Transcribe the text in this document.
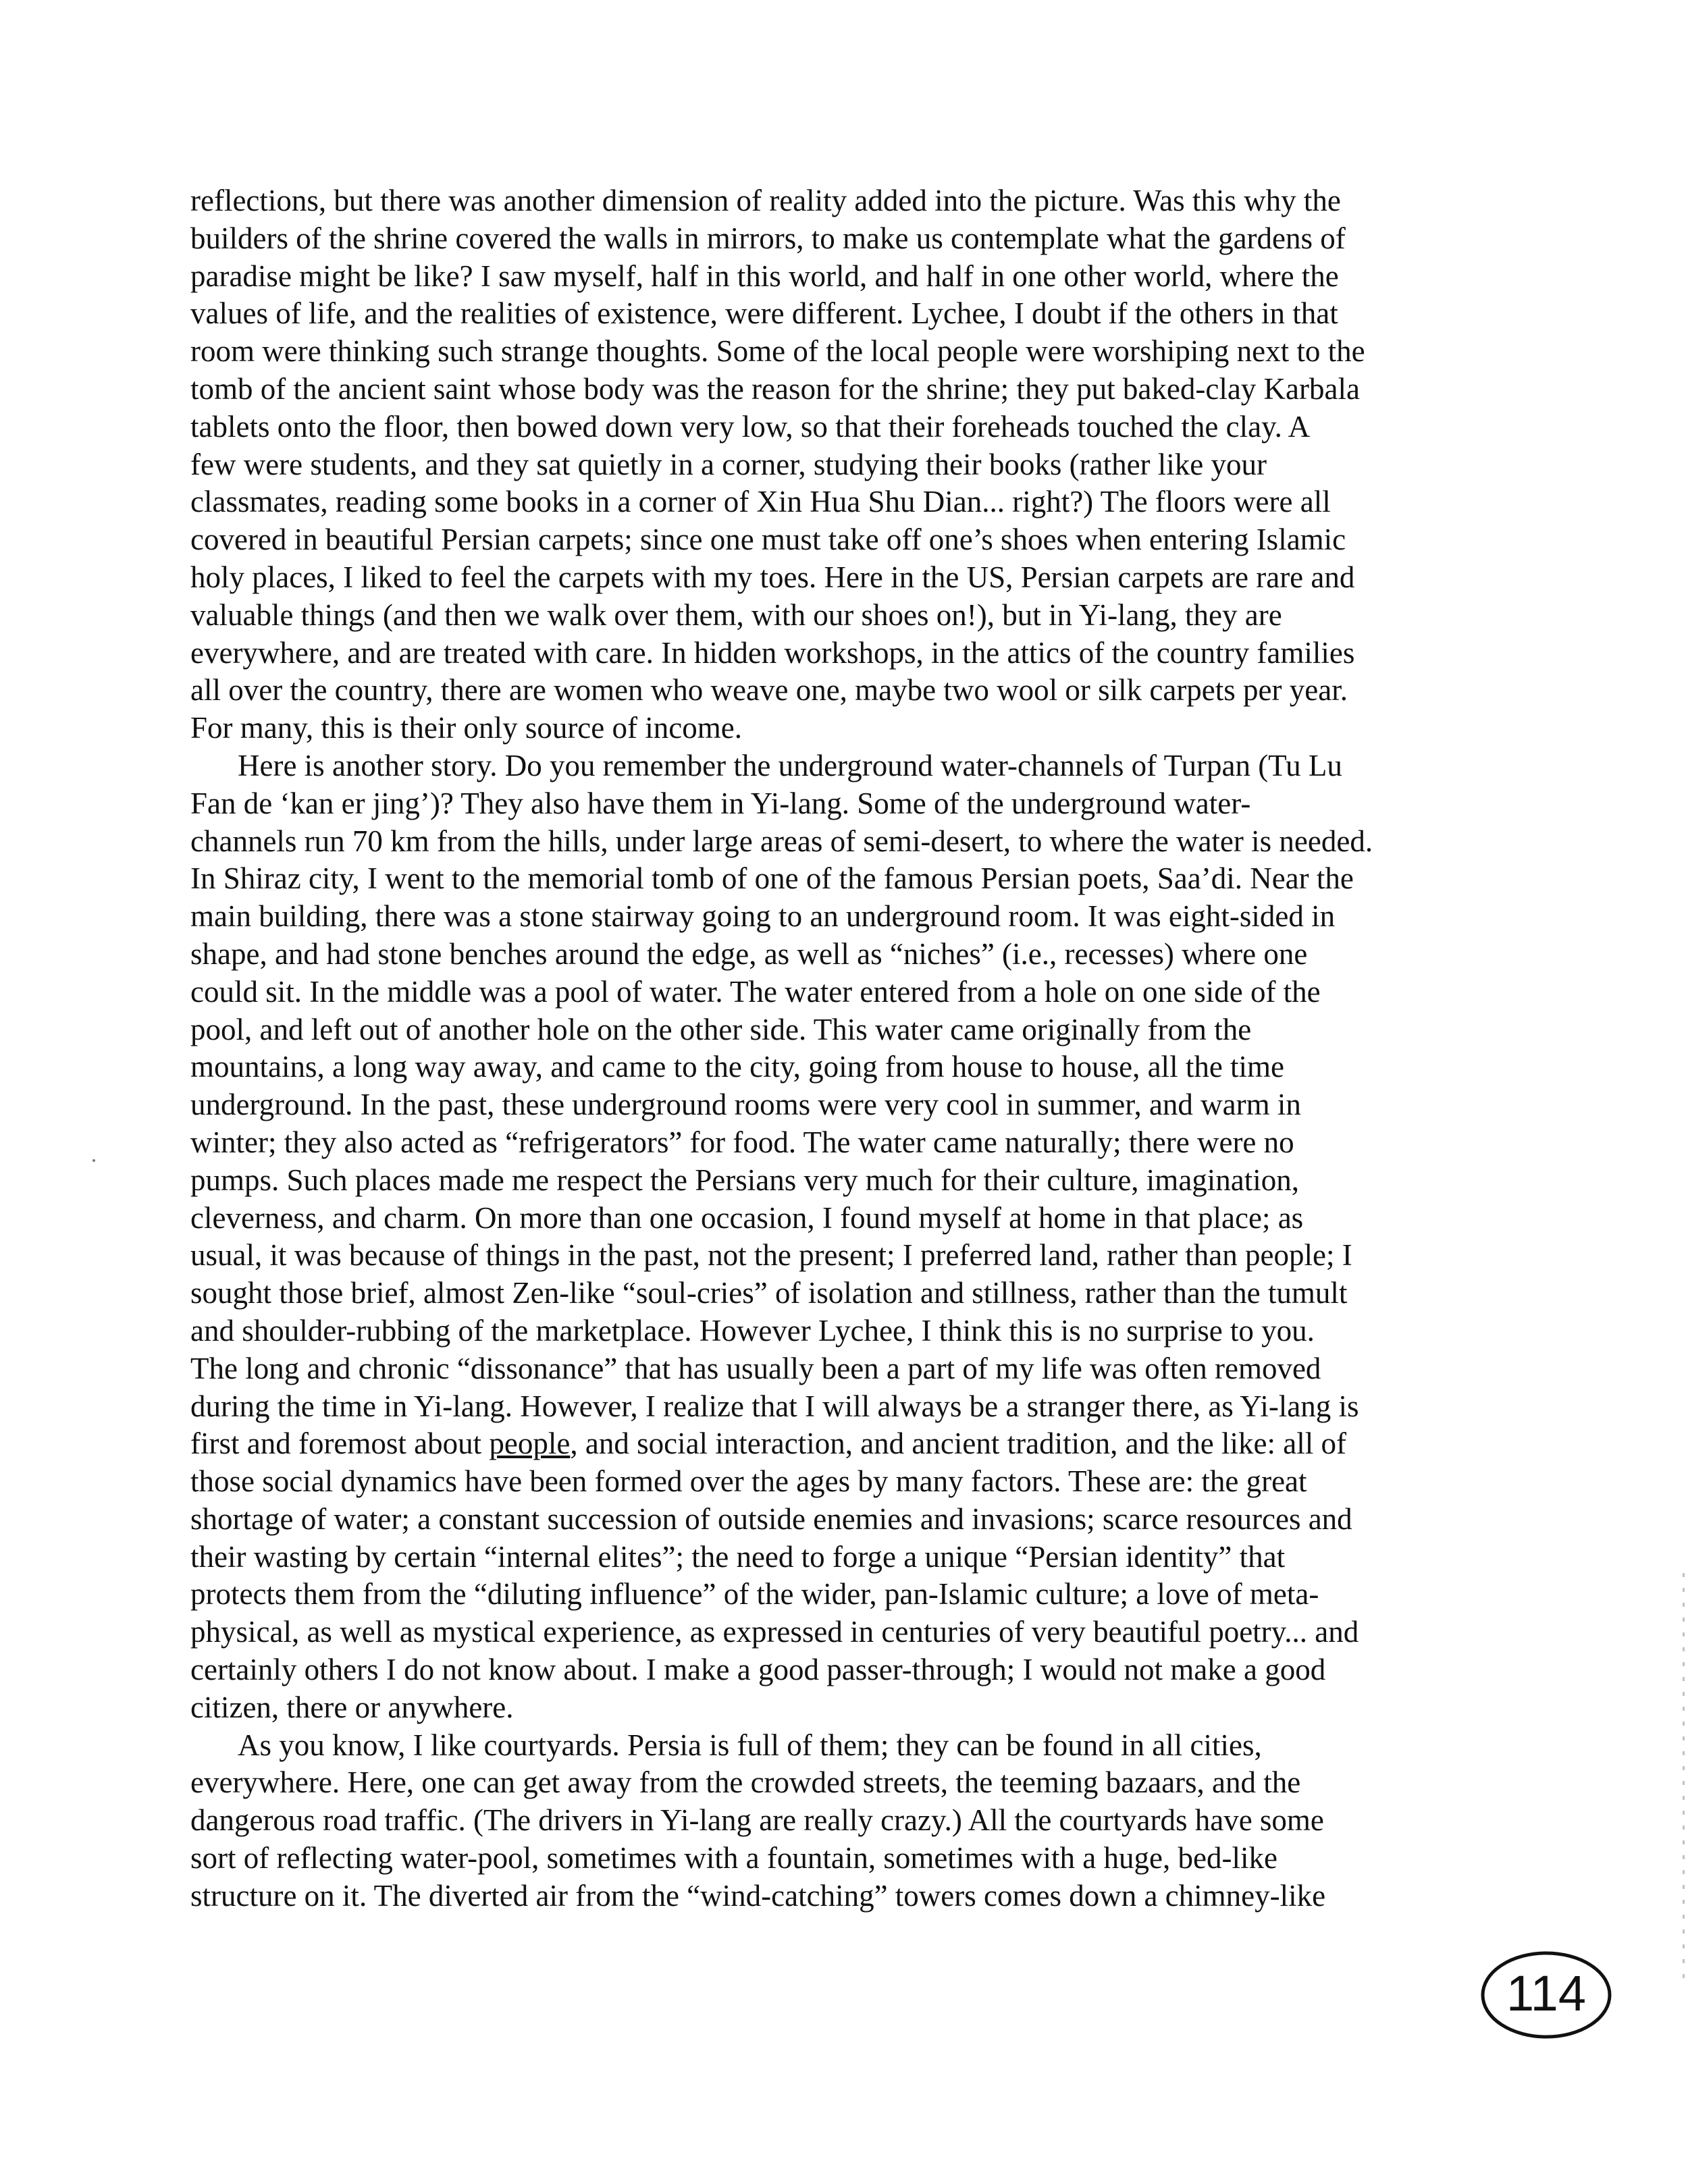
reflections, but there was another dimension of reality added into the picture. Was this why the
builders of the shrine covered the walls in mirrors, to make us contemplate what the gardens of
paradise might be like? I saw myself, half in this world, and half in one other world, where the
values of life, and the realities of existence, were different. Lychee, I doubt if the others in that
room were thinking such strange thoughts. Some of the local people were worshiping next to the
tomb of the ancient saint whose body was the reason for the shrine; they put baked-clay Karbala
tablets onto the floor, then bowed down very low, so that their foreheads touched the clay. A
few were students, and they sat quietly in a corner, studying their books (rather like your
classmates, reading some books in a corner of Xin Hua Shu Dian... right?) The floors were all
covered in beautiful Persian carpets; since one must take off one’s shoes when entering Islamic
holy places, I liked to feel the carpets with my toes. Here in the US, Persian carpets are rare and
valuable things (and then we walk over them, with our shoes on!), but in Yi-lang, they are
everywhere, and are treated with care. In hidden workshops, in the attics of the country families
all over the country, there are women who weave one, maybe two wool or silk carpets per year.
For many, this is their only source of income.
Here is another story. Do you remember the underground water-channels of Turpan (Tu Lu
Fan de ‘kan er jing’)? They also have them in Yi-lang. Some of the underground water-
channels run 70 km from the hills, under large areas of semi-desert, to where the water is needed.
In Shiraz city, I went to the memorial tomb of one of the famous Persian poets, Saa’di. Near the
main building, there was a stone stairway going to an underground room. It was eight-sided in
shape, and had stone benches around the edge, as well as “niches” (i.e., recesses) where one
could sit. In the middle was a pool of water. The water entered from a hole on one side of the
pool, and left out of another hole on the other side. This water came originally from the
mountains, a long way away, and came to the city, going from house to house, all the time
underground. In the past, these underground rooms were very cool in summer, and warm in
winter; they also acted as “refrigerators” for food. The water came naturally; there were no
pumps. Such places made me respect the Persians very much for their culture, imagination,
cleverness, and charm. On more than one occasion, I found myself at home in that place; as
usual, it was because of things in the past, not the present; I preferred land, rather than people; I
sought those brief, almost Zen-like “soul-cries” of isolation and stillness, rather than the tumult
and shoulder-rubbing of the marketplace. However Lychee, I think this is no surprise to you.
The long and chronic “dissonance” that has usually been a part of my life was often removed
during the time in Yi-lang. However, I realize that I will always be a stranger there, as Yi-lang is
first and foremost about people, and social interaction, and ancient tradition, and the like: all of
those social dynamics have been formed over the ages by many factors. These are: the great
shortage of water; a constant succession of outside enemies and invasions; scarce resources and
their wasting by certain “internal elites”; the need to forge a unique “Persian identity” that
protects them from the “diluting influence” of the wider, pan-Islamic culture; a love of meta-
physical, as well as mystical experience, as expressed in centuries of very beautiful poetry... and
certainly others I do not know about. I make a good passer-through; I would not make a good
citizen, there or anywhere.
As you know, I like courtyards. Persia is full of them; they can be found in all cities,
everywhere. Here, one can get away from the crowded streets, the teeming bazaars, and the
dangerous road traffic. (The drivers in Yi-lang are really crazy.) All the courtyards have some
sort of reflecting water-pool, sometimes with a fountain, sometimes with a huge, bed-like
structure on it. The diverted air from the “wind-catching” towers comes down a chimney-like
114
